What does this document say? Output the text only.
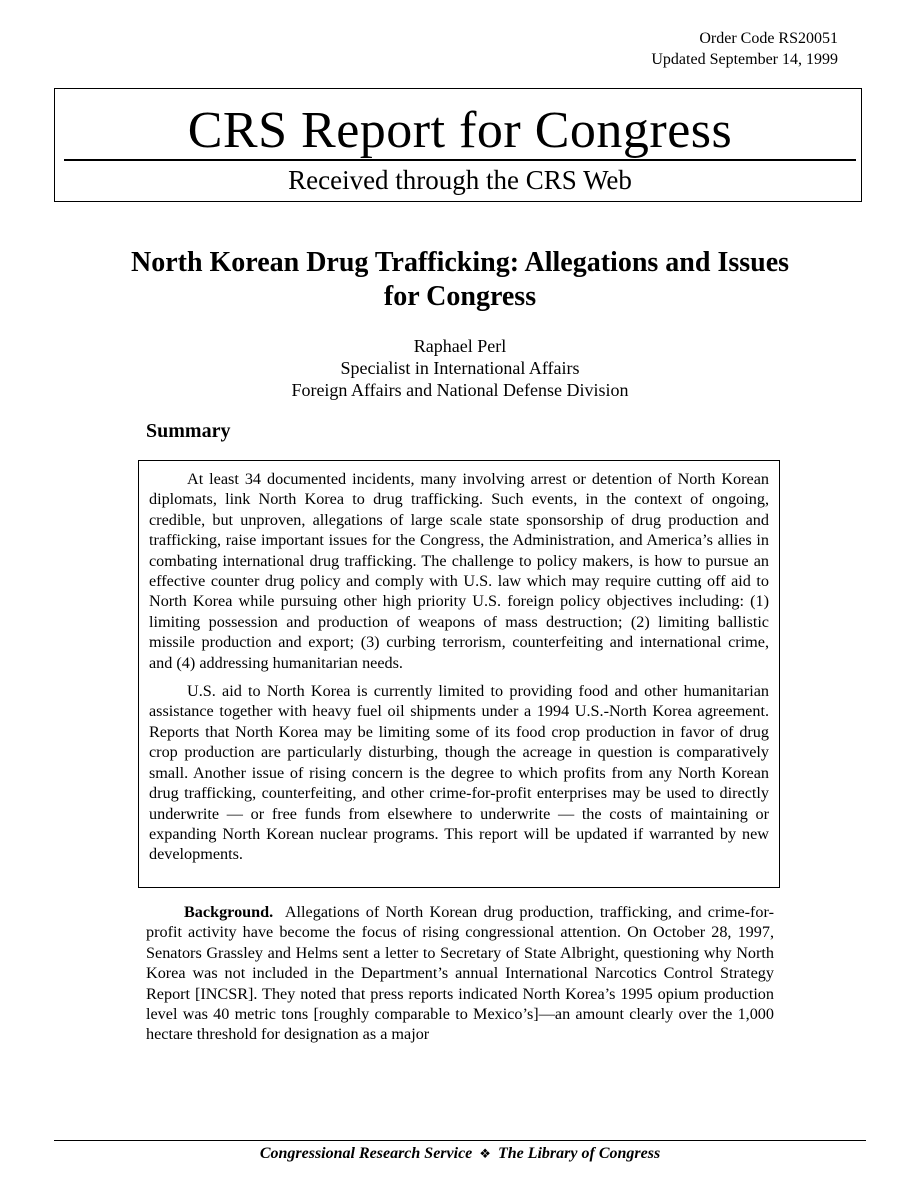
Order Code RS20051
Updated September 14, 1999
CRS Report for Congress
Received through the CRS Web
North Korean Drug Trafficking: Allegations and Issues for Congress
Raphael Perl
Specialist in International Affairs
Foreign Affairs and National Defense Division
Summary

At least 34 documented incidents, many involving arrest or detention of North Korean diplomats, link North Korea to drug trafficking. Such events, in the context of ongoing, credible, but unproven, allegations of large scale state sponsorship of drug production and trafficking, raise important issues for the Congress, the Administration, and America’s allies in combating international drug trafficking. The challenge to policy makers, is how to pursue an effective counter drug policy and comply with U.S. law which may require cutting off aid to North Korea while pursuing other high priority U.S. foreign policy objectives including: (1) limiting possession and production of weapons of mass destruction; (2) limiting ballistic missile production and export; (3) curbing terrorism, counterfeiting and international crime, and (4) addressing humanitarian needs.

U.S. aid to North Korea is currently limited to providing food and other humanitarian assistance together with heavy fuel oil shipments under a 1994 U.S.-North Korea agreement. Reports that North Korea may be limiting some of its food crop production in favor of drug crop production are particularly disturbing, though the acreage in question is comparatively small. Another issue of rising concern is the degree to which profits from any North Korean drug trafficking, counterfeiting, and other crime-for-profit enterprises may be used to directly underwrite — or free funds from elsewhere to underwrite — the costs of maintaining or expanding North Korean nuclear programs. This report will be updated if warranted by new developments.

Background. Allegations of North Korean drug production, trafficking, and crime-for- profit activity have become the focus of rising congressional attention. On October 28, 1997, Senators Grassley and Helms sent a letter to Secretary of State Albright, questioning why North Korea was not included in the Department’s annual International Narcotics Control Strategy Report [INCSR]. They noted that press reports indicated North Korea’s 1995 opium production level was 40 metric tons [roughly comparable to Mexico’s]—an amount clearly over the 1,000 hectare threshold for designation as a major

Congressional Research Service ❖ The Library of Congress
